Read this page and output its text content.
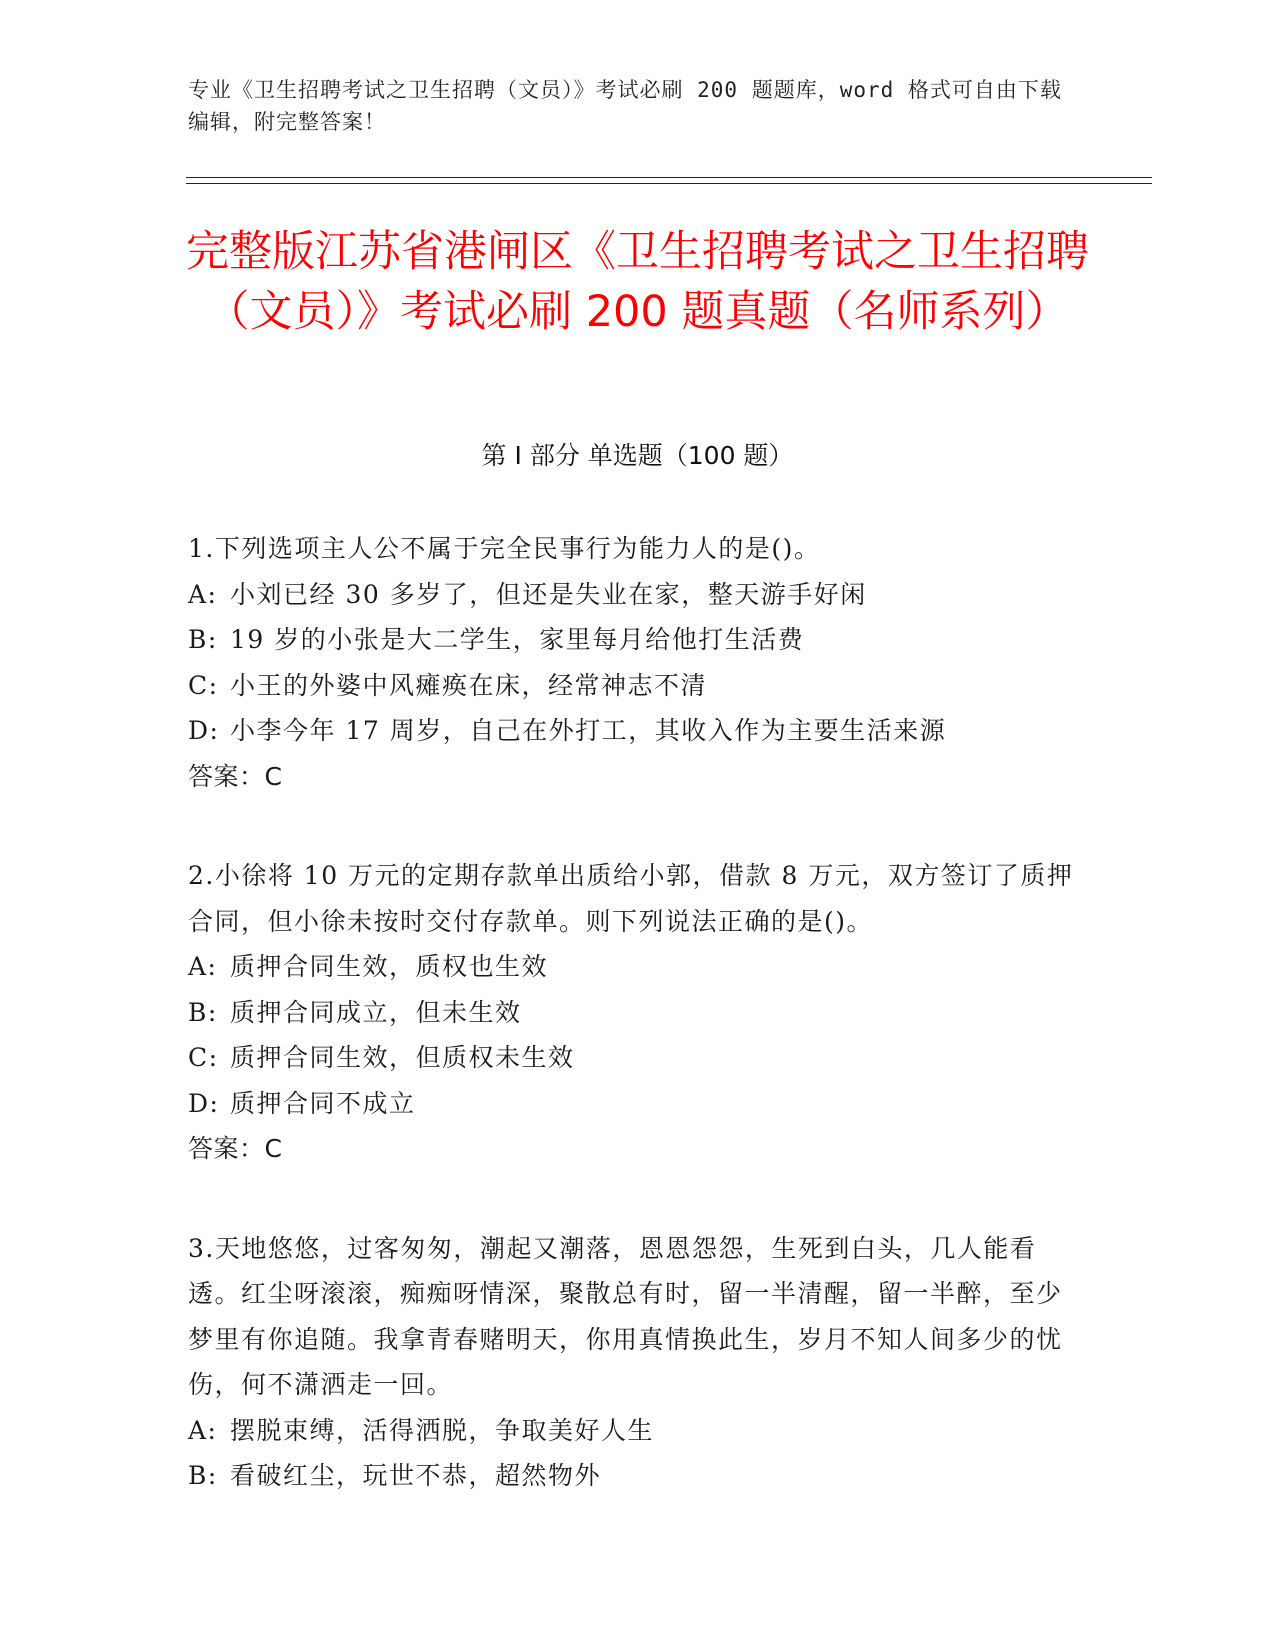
专业《卫生招聘考试之卫生招聘（文员）》考试必刷 200 题题库，word 格式可自由下载编辑，附完整答案！
完整版江苏省港闸区《卫生招聘考试之卫生招聘（文员）》考试必刷 200 题真题（名师系列）
第 I 部分 单选题（100 题）

1.下列选项主人公不属于完全民事行为能力人的是()。

A: 小刘已经 30 多岁了，但还是失业在家，整天游手好闲

B: 19 岁的小张是大二学生，家里每月给他打生活费

C: 小王的外婆中风瘫痪在床，经常神志不清

D: 小李今年 17 周岁，自己在外打工，其收入作为主要生活来源

答案：C

2.小徐将 10 万元的定期存款单出质给小郭，借款 8 万元，双方签订了质押合同，但小徐未按时交付存款单。则下列说法正确的是()。

A: 质押合同生效，质权也生效

B: 质押合同成立，但未生效

C: 质押合同生效，但质权未生效

D: 质押合同不成立

答案：C

3.天地悠悠，过客匆匆，潮起又潮落，恩恩怨怨，生死到白头，几人能看透。红尘呀滚滚，痴痴呀情深，聚散总有时，留一半清醒，留一半醉，至少梦里有你追随。我拿青春赌明天，你用真情换此生，岁月不知人间多少的忧伤，何不潇洒走一回。

A: 摆脱束缚，活得洒脱，争取美好人生

B: 看破红尘，玩世不恭，超然物外
